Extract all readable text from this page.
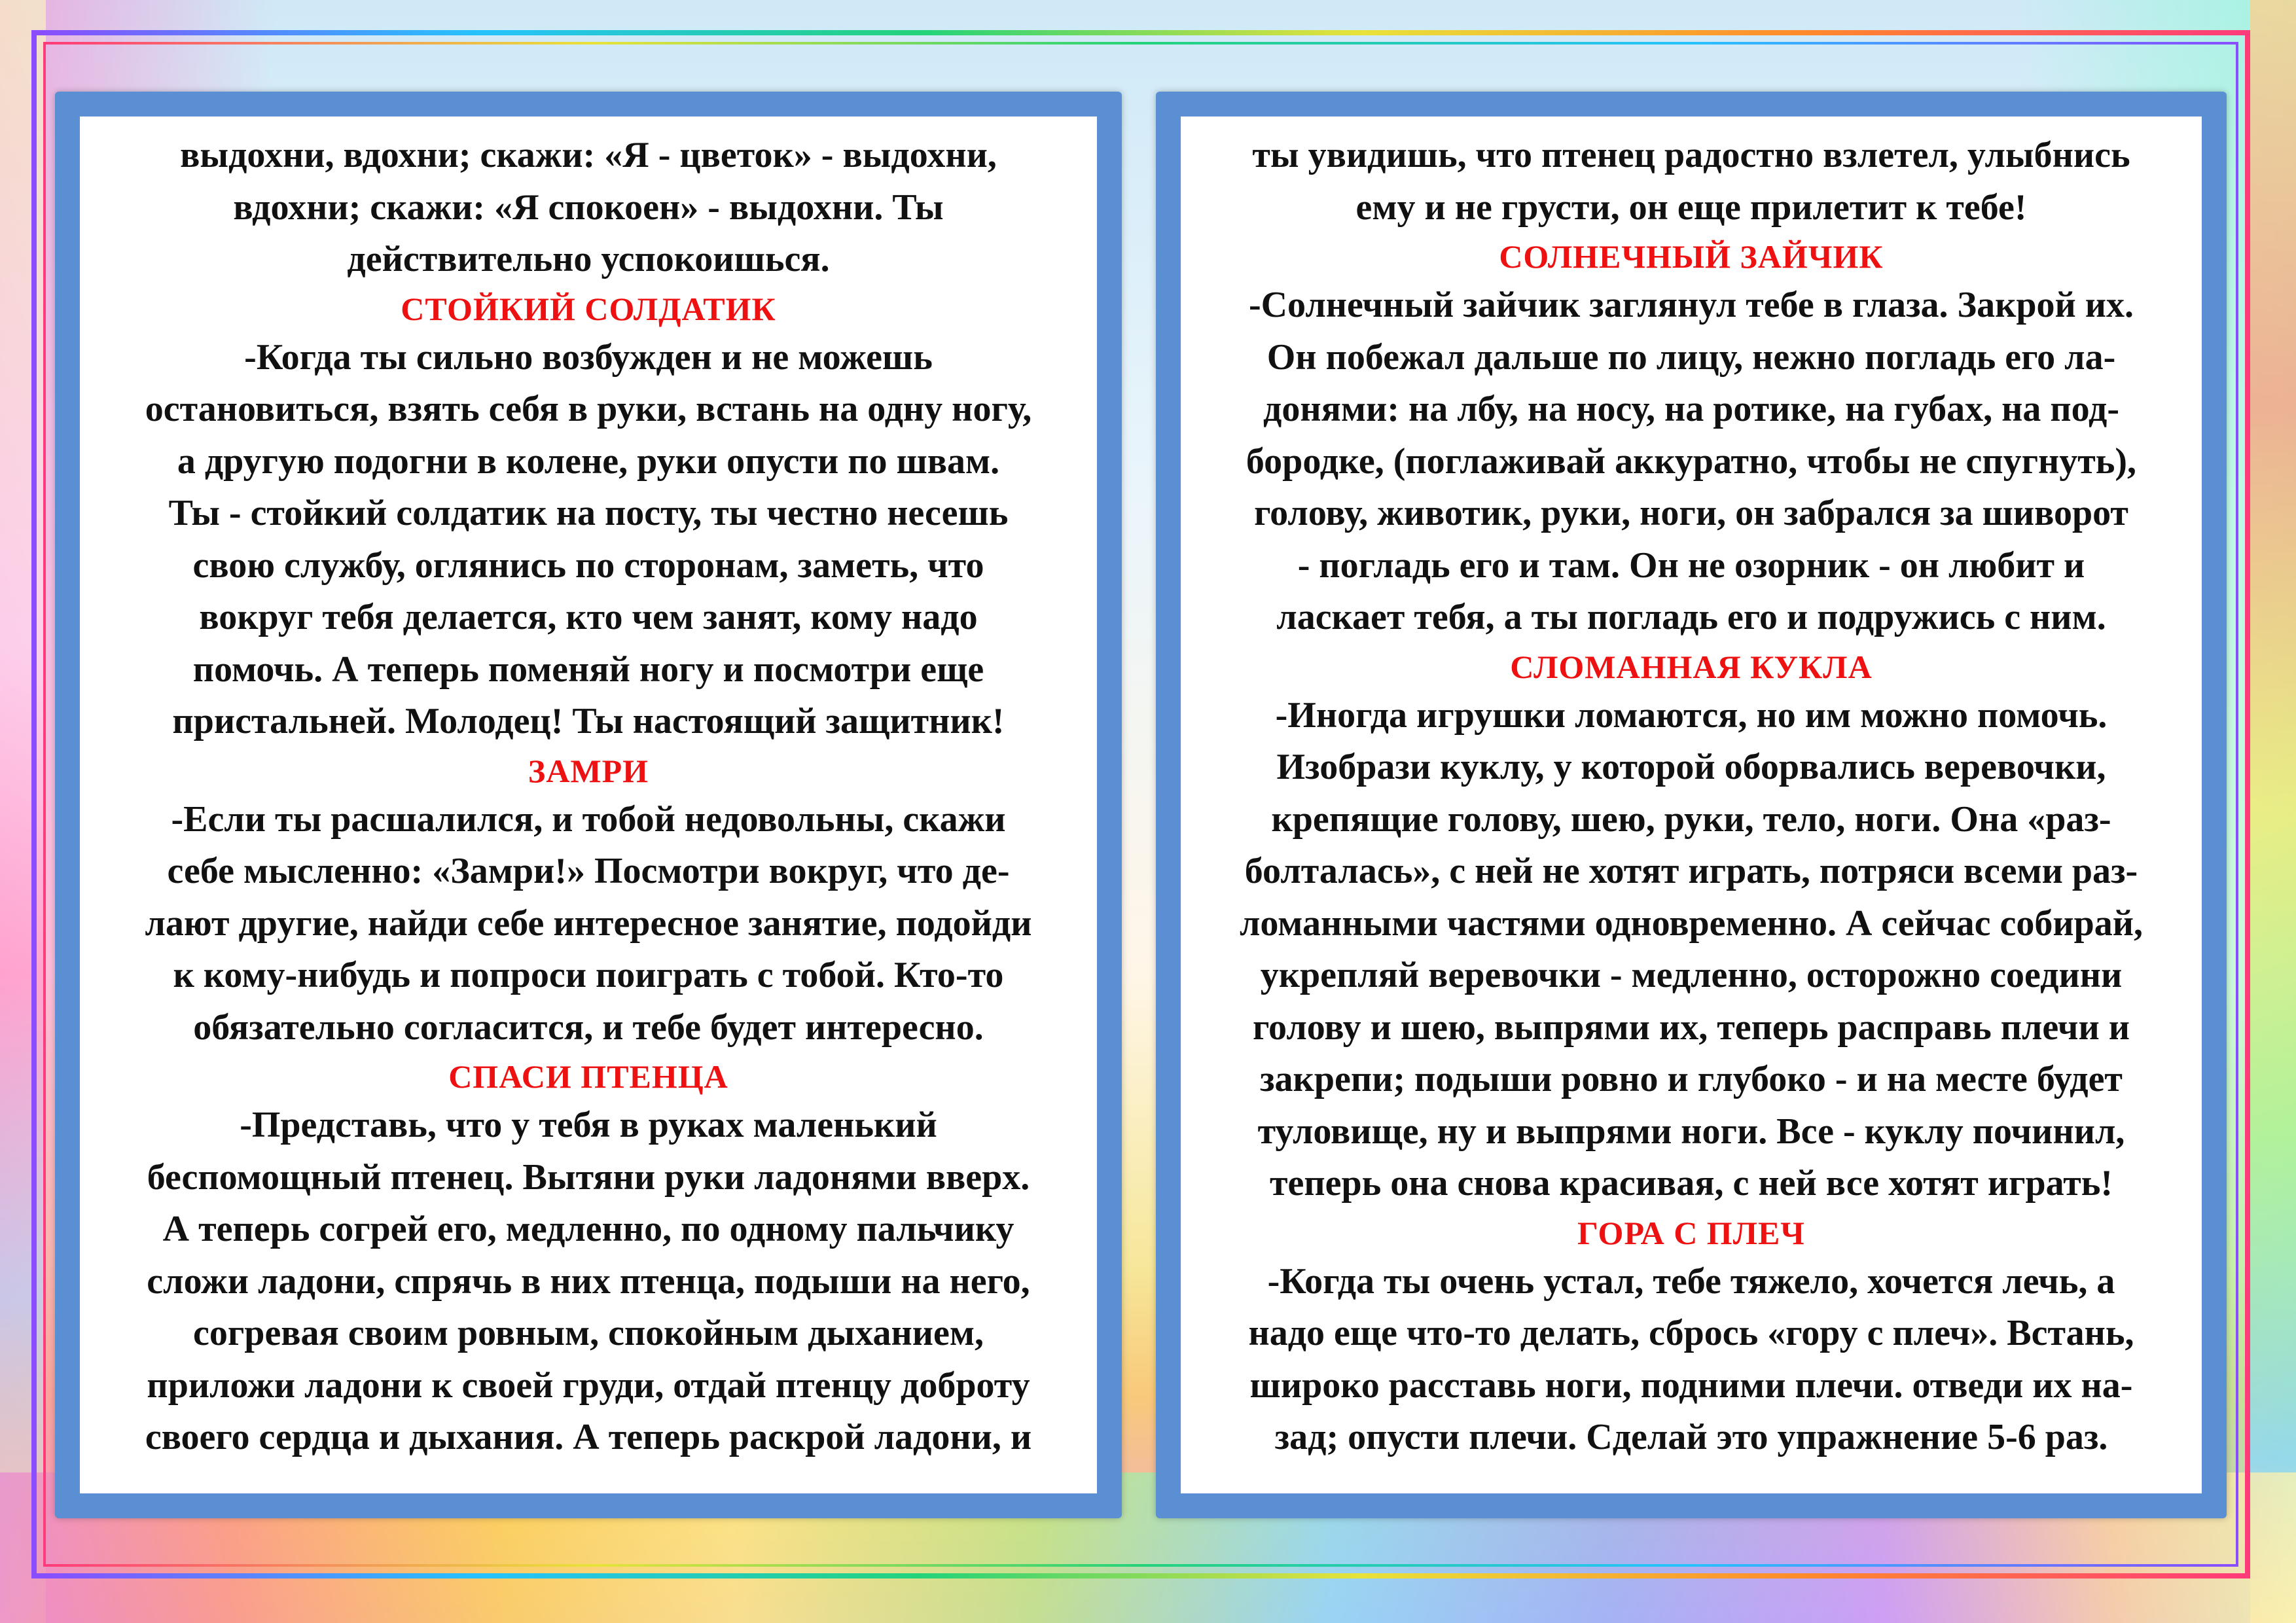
выдохни, вдохни; скажи: «Я - цветок» - выдохни,
вдохни; скажи: «Я спокоен» - выдохни. Ты
действительно успокоишься.

СТОЙКИЙ СОЛДАТИК

-Когда ты сильно возбужден и не можешь
остановиться, взять себя в руки, встань на одну ногу,
а другую подогни в колене, руки опусти по швам.
Ты - стойкий солдатик на посту, ты честно несешь
свою службу, оглянись по сторонам, заметь, что
вокруг тебя делается, кто чем занят, кому надо
помочь. А теперь поменяй ногу и посмотри еще
пристальней. Молодец! Ты настоящий защитник!

ЗАМРИ

-Если ты расшалился, и тобой недовольны, скажи
себе мысленно: «Замри!» Посмотри вокруг, что де-
лают другие, найди себе интересное занятие, подойди
к кому-нибудь и попроси поиграть с тобой. Кто-то
обязательно согласится, и тебе будет интересно.

СПАСИ ПТЕНЦА

-Представь, что у тебя в руках маленький
беспомощный птенец. Вытяни руки ладонями вверх.
А теперь согрей его, медленно, по одному пальчику
сложи ладони, спрячь в них птенца, подыши на него,
согревая своим ровным, спокойным дыханием,
приложи ладони к своей груди, отдай птенцу доброту
своего сердца и дыхания. А теперь раскрой ладони, и

ты увидишь, что птенец радостно взлетел, улыбнись
ему и не грусти, он еще прилетит к тебе!

СОЛНЕЧНЫЙ ЗАЙЧИК

-Солнечный зайчик заглянул тебе в глаза. Закрой их.
Он побежал дальше по лицу, нежно погладь его ла-
донями: на лбу, на носу, на ротике, на губах, на под-
бородке, (поглаживай аккуратно, чтобы не спугнуть),
голову, животик, руки, ноги, он забрался за шиворот
- погладь его и там. Он не озорник - он любит и
ласкает тебя, а ты погладь его и подружись с ним.

СЛОМАННАЯ КУКЛА

-Иногда игрушки ломаются, но им можно помочь.
Изобрази куклу, у которой оборвались веревочки,
крепящие голову, шею, руки, тело, ноги. Она «раз-
болталась», с ней не хотят играть, потряси всеми раз-
ломанными частями одновременно. А сейчас собирай,
укрепляй веревочки - медленно, осторожно соедини
голову и шею, выпрями их, теперь расправь плечи и
закрепи; подыши ровно и глубоко - и на месте будет
туловище, ну и выпрями ноги. Все - куклу починил,
теперь она снова красивая, с ней все хотят играть!

ГОРА С ПЛЕЧ

-Когда ты очень устал, тебе тяжело, хочется лечь, а
надо еще что-то делать, сбрось «гору с плеч». Встань,
широко расставь ноги, подними плечи. отведи их на-
зад; опусти плечи. Сделай это упражнение 5-6 раз.
